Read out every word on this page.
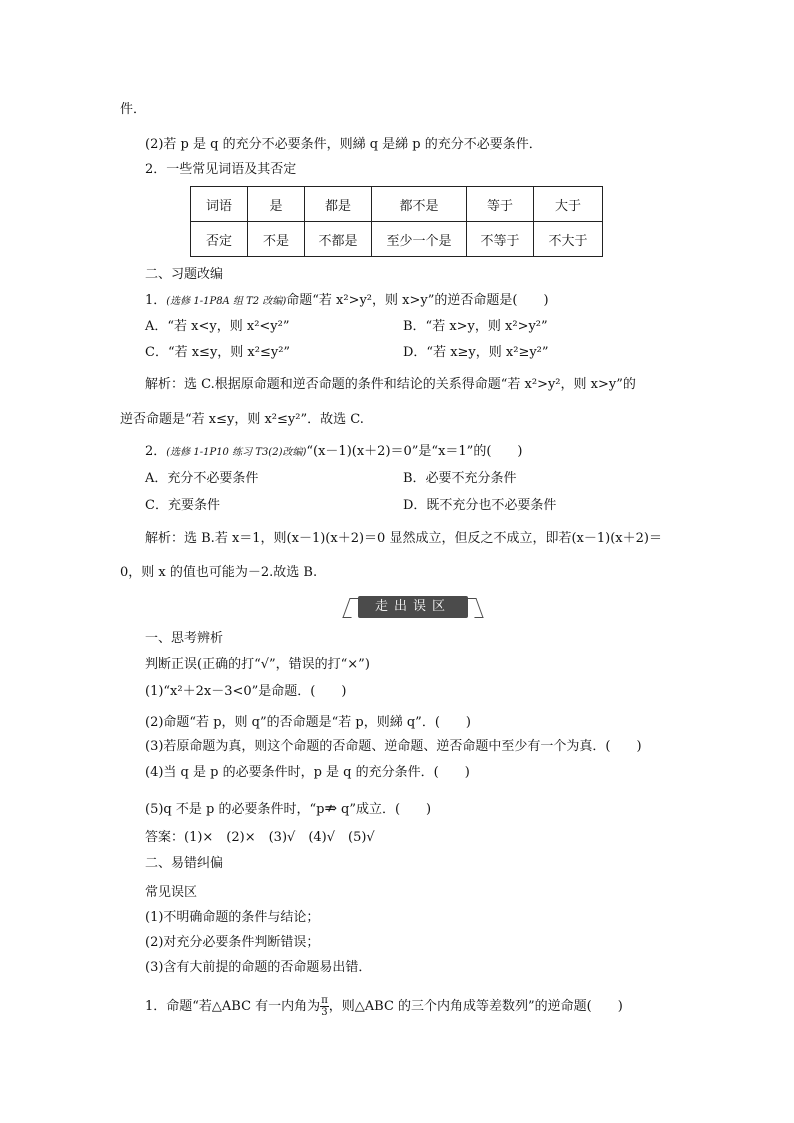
件．
(2)若 p 是 q 的充分不必要条件，则綈 q 是綈 p 的充分不必要条件．
2．一些常见词语及其否定
词语	是	都是	都不是	等于	大于
否定	不是	不都是	至少一个是	不等于	不大于
二、习题改编
1．(选修 1-1P8A 组 T2 改编)命题“若 x²>y²，则 x>y”的逆否命题是(　　)
A．“若 x<y，则 x²<y²”	B．“若 x>y，则 x²>y²”
C．“若 x≤y，则 x²≤y²”	D．“若 x≥y，则 x²≥y²”
解析：选 C.根据原命题和逆否命题的条件和结论的关系得命题“若 x²>y²，则 x>y”的
逆否命题是“若 x≤y，则 x²≤y²”．故选 C.
2．(选修 1-1P10 练习 T3(2)改编)“(x－1)(x＋2)＝0”是“x＝1”的(　　)
A．充分不必要条件	B．必要不充分条件
C．充要条件	D．既不充分也不必要条件
解析：选 B.若 x＝1，则(x－1)(x＋2)＝0 显然成立，但反之不成立，即若(x－1)(x＋2)＝
0，则 x 的值也可能为－2.故选 B.
走出误区
一、思考辨析
判断正误(正确的打“√”，错误的打“×”)
(1)“x²＋2x－3<0”是命题．(　　)
(2)命题“若 p，则 q”的否命题是“若 p，则綈 q”．(　　)
(3)若原命题为真，则这个命题的否命题、逆命题、逆否命题中至少有一个为真．(　　)
(4)当 q 是 p 的必要条件时，p 是 q 的充分条件．(　　)
(5)q 不是 p 的必要条件时，“p⇏ q”成立．(　　)
答案：(1)×　(2)×　(3)√　(4)√　(5)√
二、易错纠偏
常见误区
(1)不明确命题的条件与结论；
(2)对充分必要条件判断错误；
(3)含有大前提的命题的否命题易出错．
1．命题“若△ABC 有一内角为 $\frac{\pi}{3}$ ，则△ABC 的三个内角成等差数列”的逆命题(　　)
